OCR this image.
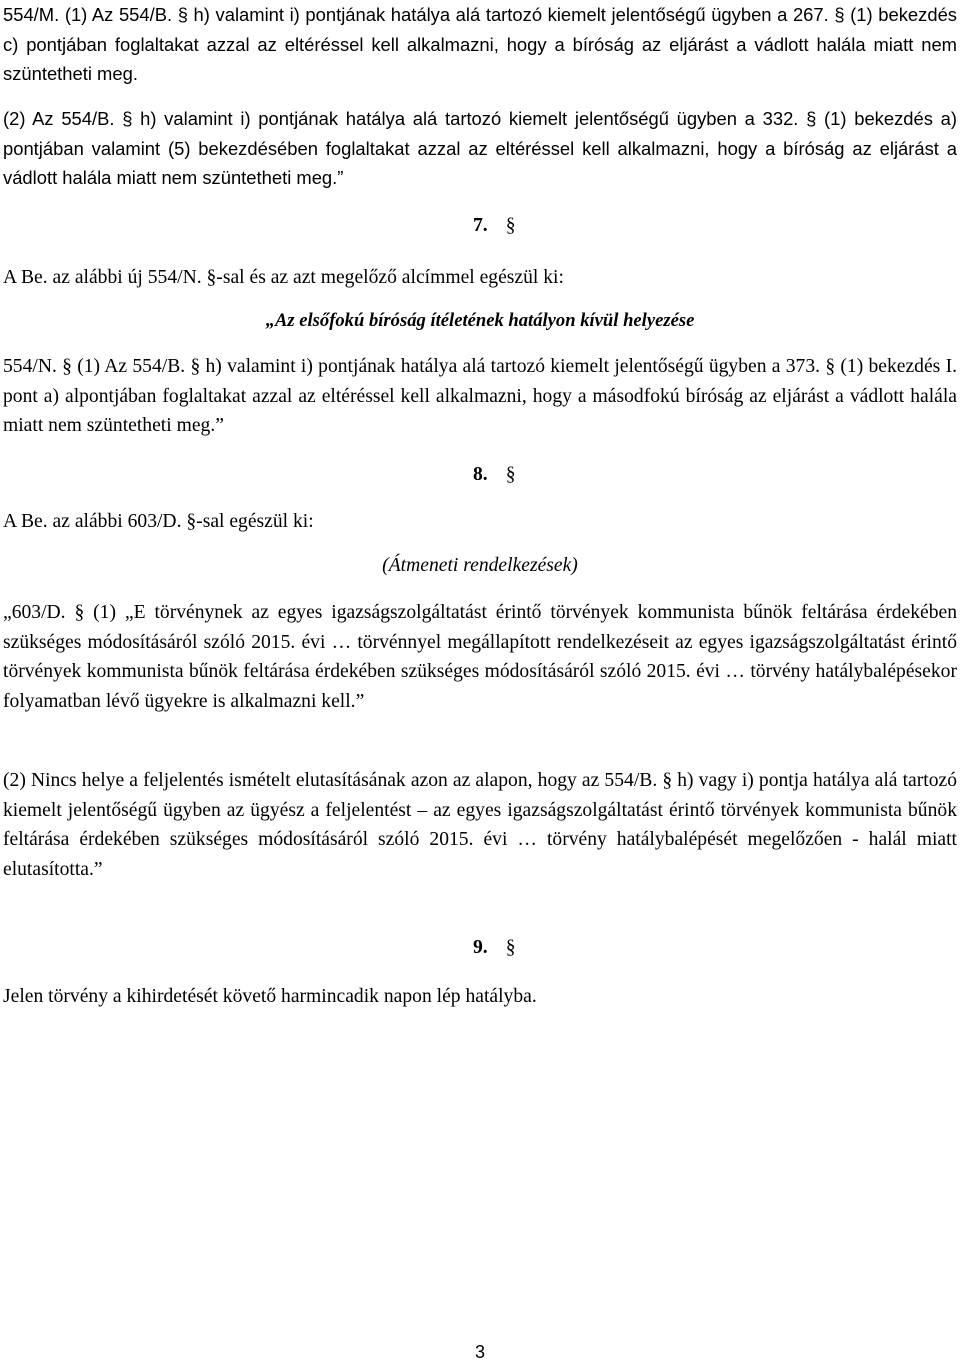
554/M. (1) Az 554/B. § h) valamint i) pontjának hatálya alá tartozó kiemelt jelentőségű ügyben a 267. § (1) bekezdés c) pontjában foglaltakat azzal az eltéréssel kell alkalmazni, hogy a bíróság az eljárást a vádlott halála miatt nem szüntetheti meg.

(2) Az 554/B. § h) valamint i) pontjának hatálya alá tartozó kiemelt jelentőségű ügyben a 332. § (1) bekezdés a) pontjában valamint (5) bekezdésében foglaltakat azzal az eltéréssel kell alkalmazni, hogy a bíróság az eljárást a vádlott halála miatt nem szüntetheti meg.”

7. §

A Be. az alábbi új 554/N. §-sal és az azt megelőző alcímmel egészül ki:

„Az elsőfokú bíróság ítéletének hatályon kívül helyezése

554/N. § (1) Az 554/B. § h) valamint i) pontjának hatálya alá tartozó kiemelt jelentőségű ügyben a 373. § (1) bekezdés I. pont a) alpontjában foglaltakat azzal az eltéréssel kell alkalmazni, hogy a másodfokú bíróság az eljárást a vádlott halála miatt nem szüntetheti meg.”

8. §

A Be. az alábbi 603/D. §-sal egészül ki:

(Átmeneti rendelkezések)

„603/D. § (1) „E törvénynek az egyes igazságszolgáltatást érintő törvények kommunista bűnök feltárása érdekében szükséges módosításáról szóló 2015. évi … törvénnyel megállapított rendelkezéseit az egyes igazságszolgáltatást érintő törvények kommunista bűnök feltárása érdekében szükséges módosításáról szóló 2015. évi … törvény hatálybalépésekor folyamatban lévő ügyekre is alkalmazni kell.”

(2) Nincs helye a feljelentés ismételt elutasításának azon az alapon, hogy az 554/B. § h) vagy i) pontja hatálya alá tartozó kiemelt jelentőségű ügyben az ügyész a feljelentést – az egyes igazságszolgáltatást érintő törvények kommunista bűnök feltárása érdekében szükséges módosításáról szóló 2015. évi … törvény hatálybalépését megelőzően - halál miatt elutasította.”

9. §

Jelen törvény a kihirdetését követő harmincadik napon lép hatályba.

3
